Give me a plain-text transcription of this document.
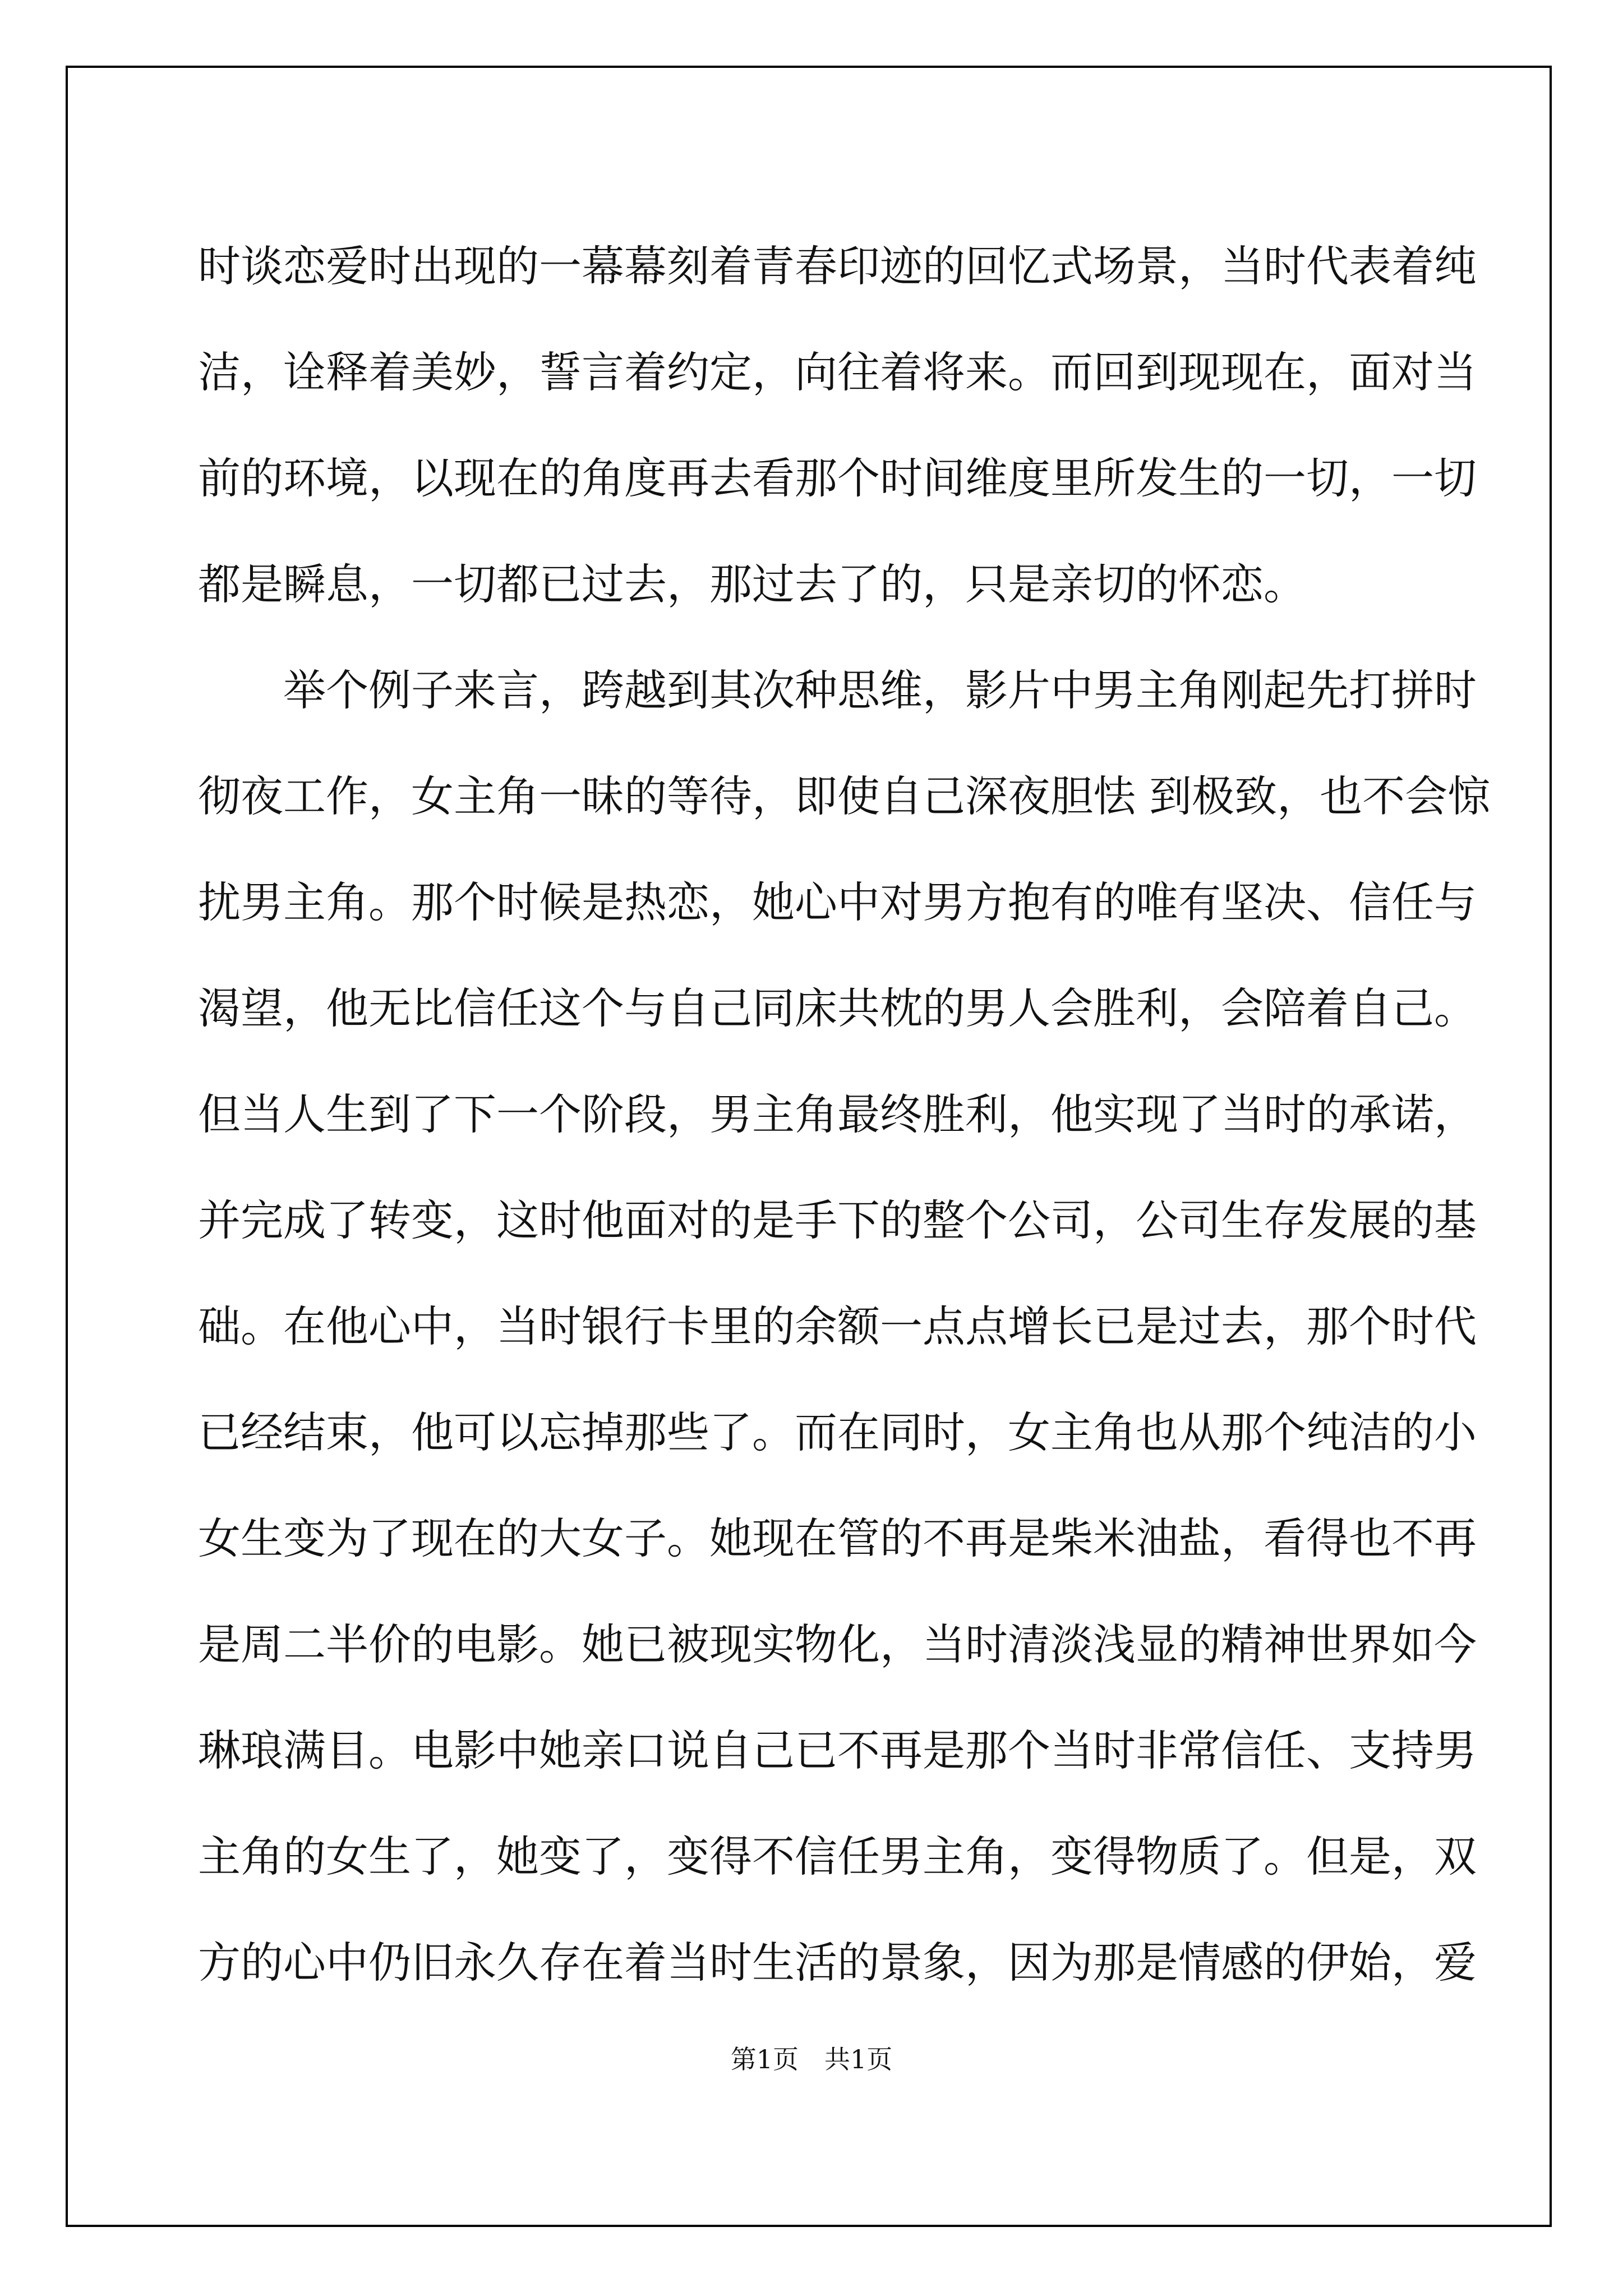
时谈恋爱时出现的一幕幕刻着青春印迹的回忆式场景，当时代表着纯
洁，诠释着美妙，誓言着约定，向往着将来。而回到现现在，面对当
前的环境，以现在的角度再去看那个时间维度里所发生的一切，一切
都是瞬息，一切都已过去，那过去了的，只是亲切的怀恋。
举个例子来言，跨越到其次种思维，影片中男主角刚起先打拼时
彻夜工作，女主角一昧的等待，即使自己深夜胆怯 到极致，也不会惊
扰男主角。那个时候是热恋，她心中对男方抱有的唯有坚决、信任与
渴望，他无比信任这个与自己同床共枕的男人会胜利，会陪着自己。
但当人生到了下一个阶段，男主角最终胜利，他实现了当时的承诺，
并完成了转变，这时他面对的是手下的整个公司，公司生存发展的基
础。在他心中，当时银行卡里的余额一点点增长已是过去，那个时代
已经结束，他可以忘掉那些了。而在同时，女主角也从那个纯洁的小
女生变为了现在的大女子。她现在管的不再是柴米油盐，看得也不再
是周二半价的电影。她已被现实物化，当时清淡浅显的精神世界如今
琳琅满目。电影中她亲口说自己已不再是那个当时非常信任、支持男
主角的女生了，她变了，变得不信任男主角，变得物质了。但是，双
方的心中仍旧永久存在着当时生活的景象，因为那是情感的伊始，爱
第1页　共1页
